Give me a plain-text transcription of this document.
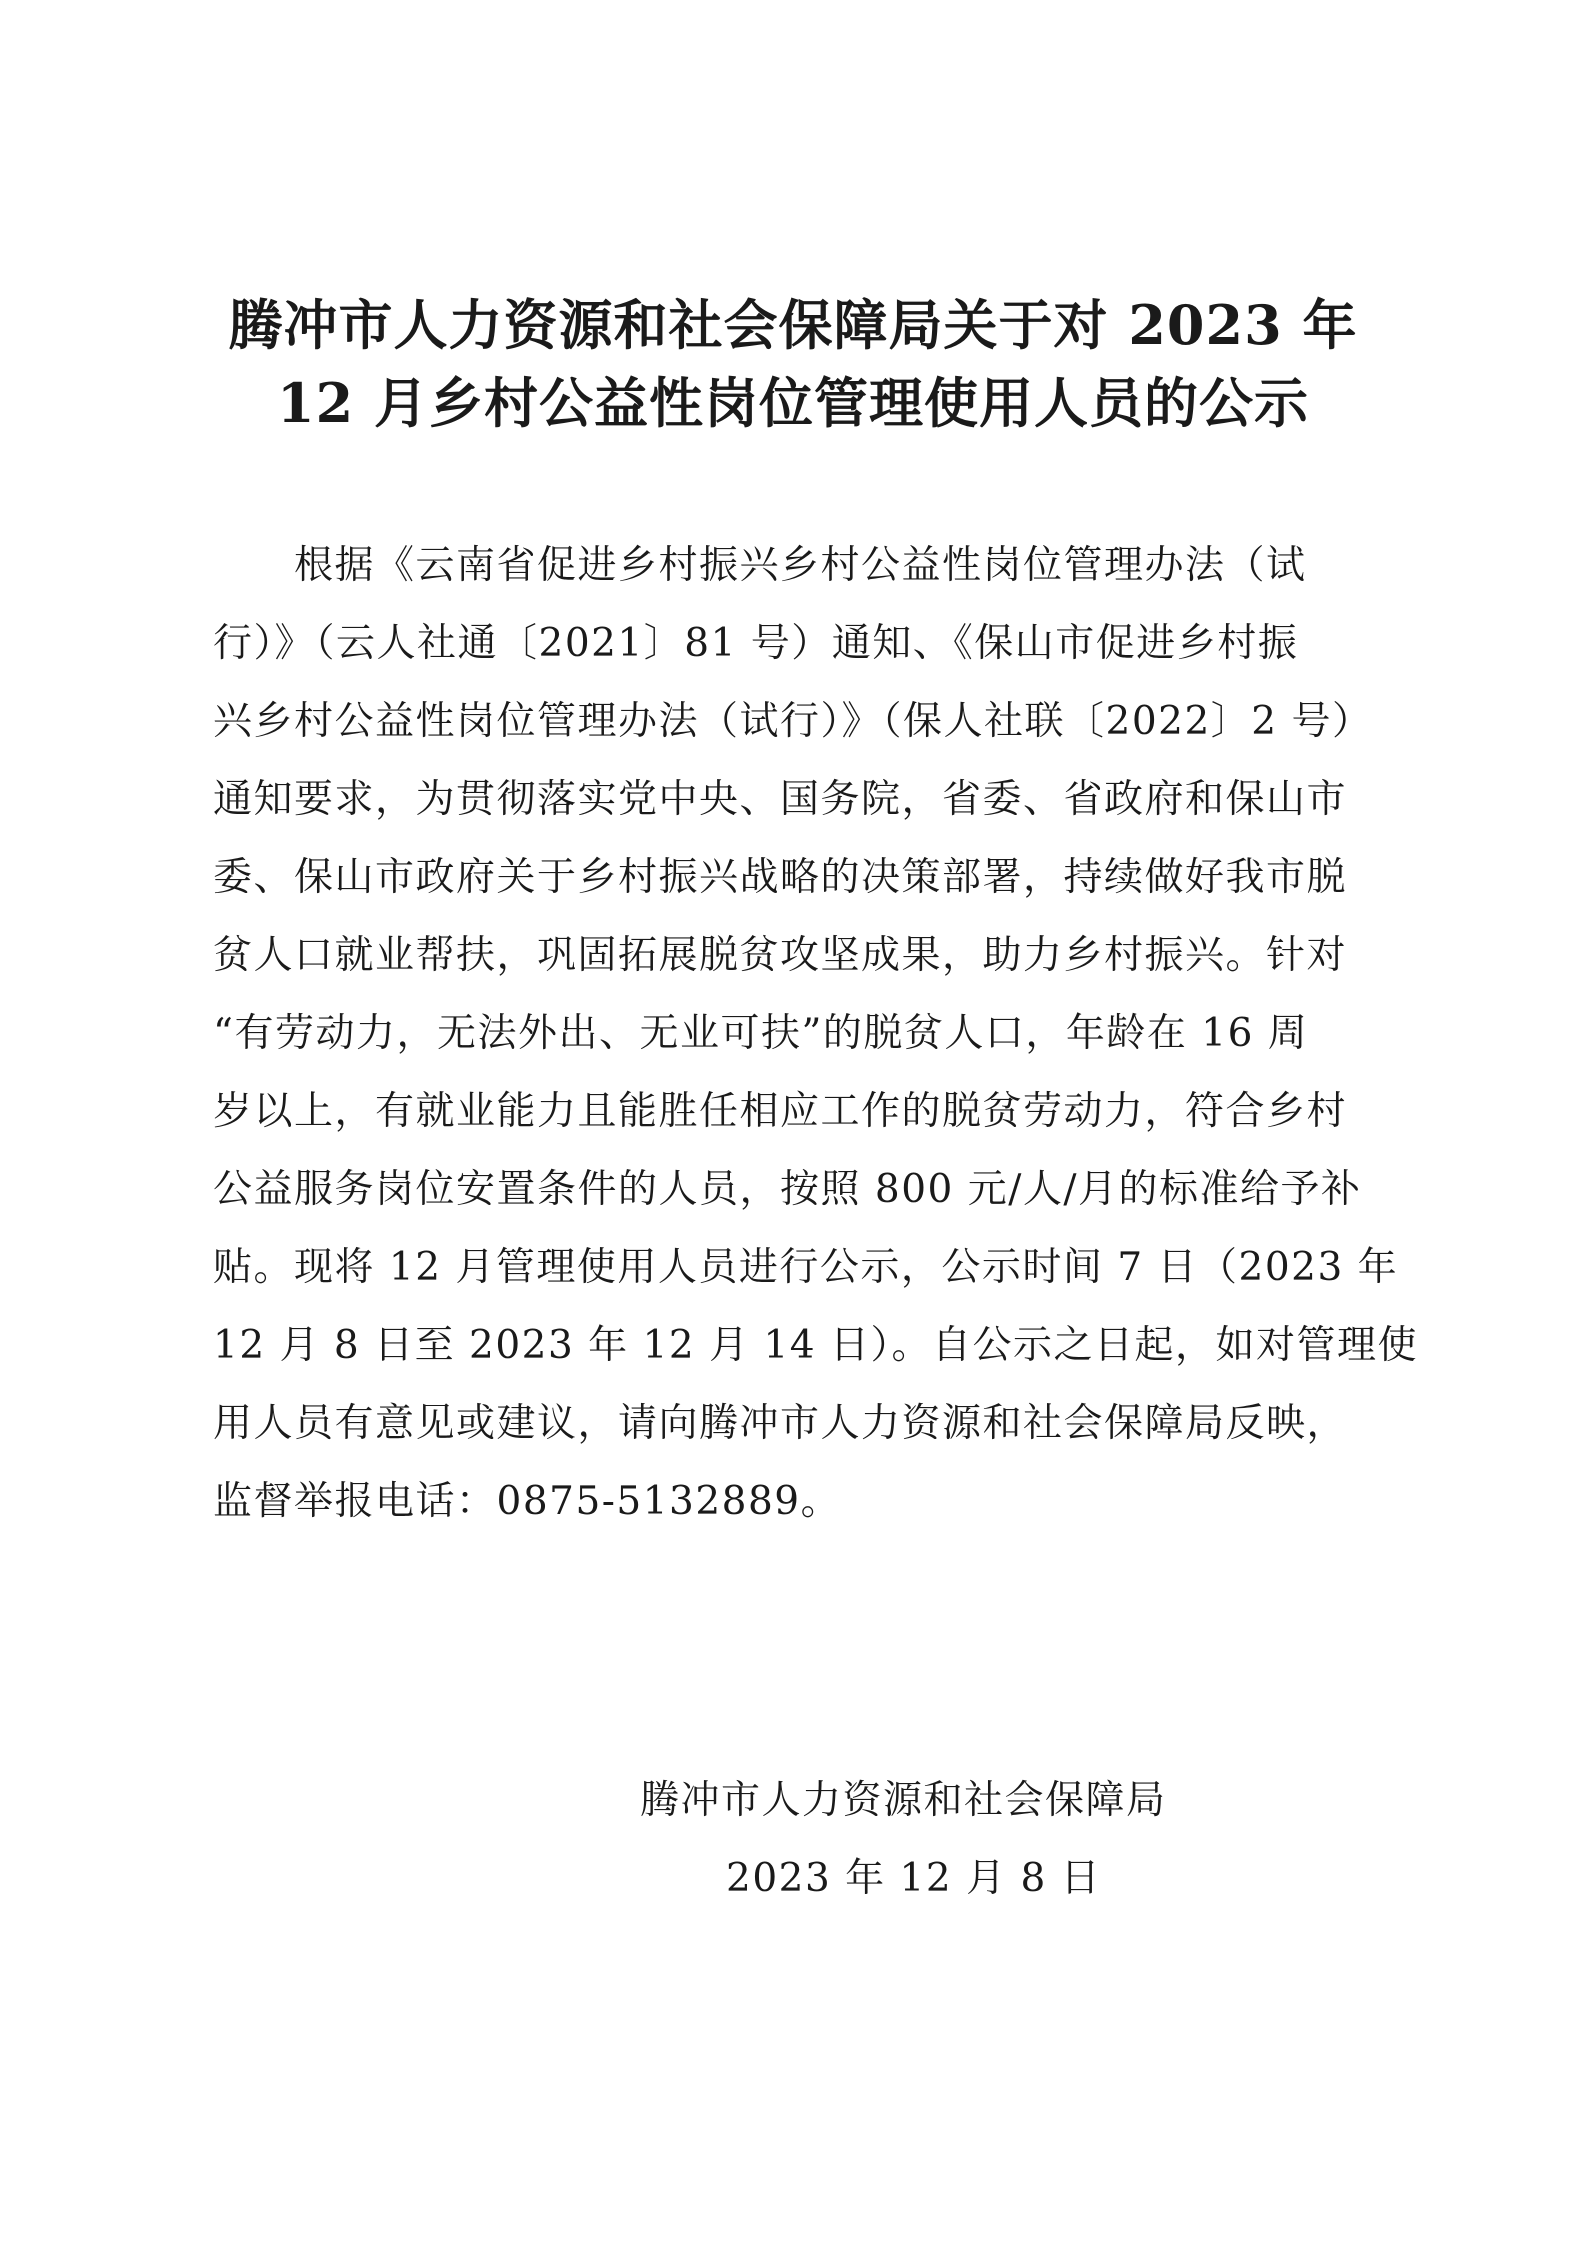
腾冲市人力资源和社会保障局关于对 2023 年
12 月乡村公益性岗位管理使用人员的公示

　　根据《云南省促进乡村振兴乡村公益性岗位管理办法（试

行）》（云人社通〔2021〕81 号）通知、《保山市促进乡村振

兴乡村公益性岗位管理办法（试行）》（保人社联〔2022〕2 号）

通知要求，为贯彻落实党中央、国务院，省委、省政府和保山市

委、保山市政府关于乡村振兴战略的决策部署，持续做好我市脱

贫人口就业帮扶，巩固拓展脱贫攻坚成果，助力乡村振兴。针对

“有劳动力，无法外出、无业可扶”的脱贫人口，年龄在 16 周

岁以上，有就业能力且能胜任相应工作的脱贫劳动力，符合乡村

公益服务岗位安置条件的人员，按照 800 元/人/月的标准给予补

贴。现将 12 月管理使用人员进行公示，公示时间 7 日（2023 年

12 月 8 日至 2023 年 12 月 14 日）。自公示之日起，如对管理使

用人员有意见或建议，请向腾冲市人力资源和社会保障局反映，

监督举报电话：0875-5132889。

腾冲市人力资源和社会保障局

2023 年 12 月 8 日
